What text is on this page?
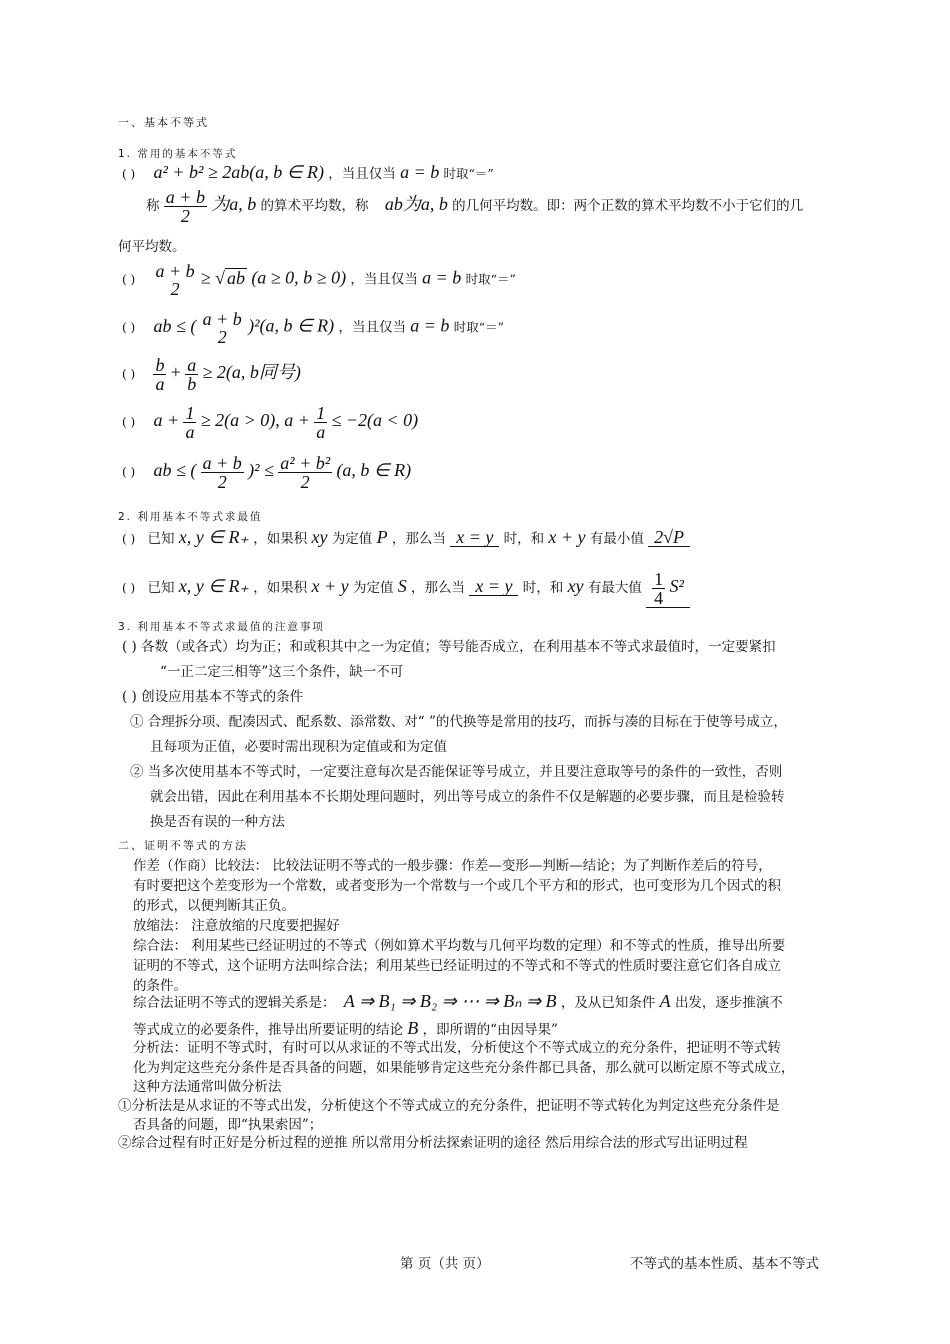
一、基本不等式
1. 常用的基本不等式
( ) a² + b² ≥ 2ab(a, b ∈ R) ，当且仅当 a = b 时取“＝”
称 $\frac{a + b}{2}$ 为a, b 的算术平均数，称 ab为a, b 的几何平均数。即：两个正数的算术平均数不小于它们的几
何平均数。
( ) a + b
2
≥ √ ab (a ≥ 0, b ≥ 0) ，当且仅当 a = b 时取“＝”
( ) ab ≤ ( a + b
2
)²(a, b ∈ R) ，当且仅当 a = b 时取“＝”
( ) $\frac{b}{a} + \frac{a}{b} \ge 2(a$, b同号)
( ) $a + \frac{1}{a} \ge 2(a > 0)$, $a + \frac{1}{a} \le -2(a < 0)$
( ) ab ≤ ( $\frac{a + b}{2} )^2 \le \frac{\text{a² + b²}}{2} (a$, b ∈ R)
2. 利用基本不等式求最值
( ) 已知 x, y ∈ R₊ ，如果积 xy 为定值 P ，那么当 x = y 时，和 x + y 有最小值 2√P
( ) 已知 x, y ∈ R₊ ，如果积 x + y 为定值 S ，那么当 x = y 时，和 xy 有最大值 $\frac{1}{4} S^2$
3. 利用基本不等式求最值的注意事项
( ) 各数（或各式）均为正；和或积其中之一为定值；等号能否成立，在利用基本不等式求最值时，一定要紧扣
“一正二定三相等”这三个条件，缺一不可
( ) 创设应用基本不等式的条件
① 合理拆分项、配凑因式、配系数、添常数、对“ ”的代换等是常用的技巧，而拆与凑的目标在于使等号成立，
且每项为正值，必要时需出现积为定值或和为定值
② 当多次使用基本不等式时，一定要注意每次是否能保证等号成立，并且要注意取等号的条件的一致性，否则
就会出错，因此在利用基本不长期处理问题时，列出等号成立的条件不仅是解题的必要步骤，而且是检验转
换是否有误的一种方法
二、证明不等式的方法
作差（作商）比较法： 比较法证明不等式的一般步骤：作差—变形—判断—结论；为了判断作差后的符号，
有时要把这个差变形为一个常数，或者变形为一个常数与一个或几个平方和的形式，也可变形为几个因式的积
的形式，以便判断其正负。
放缩法： 注意放缩的尺度要把握好
综合法： 利用某些已经证明过的不等式（例如算术平均数与几何平均数的定理）和不等式的性质，推导出所要
证明的不等式，这个证明方法叫综合法；利用某些已经证明过的不等式和不等式的性质时要注意它们各自成立
的条件。
综合法证明不等式的逻辑关系是： A ⇒ B₁ ⇒ B₂ ⇒ ⋯ ⇒ Bₙ ⇒ B ，及从已知条件 A 出发，逐步推演不
等式成立的必要条件，推导出所要证明的结论 B ，即所谓的“由因导果”
分析法：证明不等式时，有时可以从求证的不等式出发，分析使这个不等式成立的充分条件，把证明不等式转
化为判定这些充分条件是否具备的问题，如果能够肯定这些充分条件都已具备，那么就可以断定原不等式成立，
这种方法通常叫做分析法
①分析法是从求证的不等式出发，分析使这个不等式成立的充分条件，把证明不等式转化为判定这些充分条件是
否具备的问题，即“执果索因”；
②综合过程有时正好是分析过程的逆推 所以常用分析法探索证明的途径 然后用综合法的形式写出证明过程
第 页（共 页）	不等式的基本性质、基本不等式
